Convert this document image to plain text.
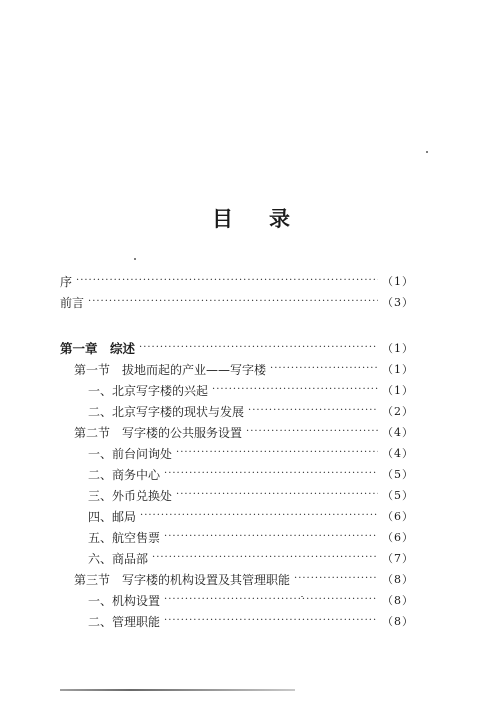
目 录
序 ·····	（1）
前言 ·····	（3）
第一章　综述 ·····	（1）
第一节　拔地而起的产业——写字楼 ·····	（1）
一、北京写字楼的兴起 ·····	（1）
二、北京写字楼的现状与发展 ·····	（2）
第二节　写字楼的公共服务设置 ·····	（4）
一、前台问询处 ·····	（4）
二、商务中心 ·····	（5）
三、外币兑换处 ·····	（5）
四、邮局 ·····	（6）
五、航空售票 ·····	（6）
六、商品部 ·····	（7）
第三节　写字楼的机构设置及其管理职能 ·····	（8）
一、机构设置 ·····	（8）
二、管理职能 ·····	（8）
